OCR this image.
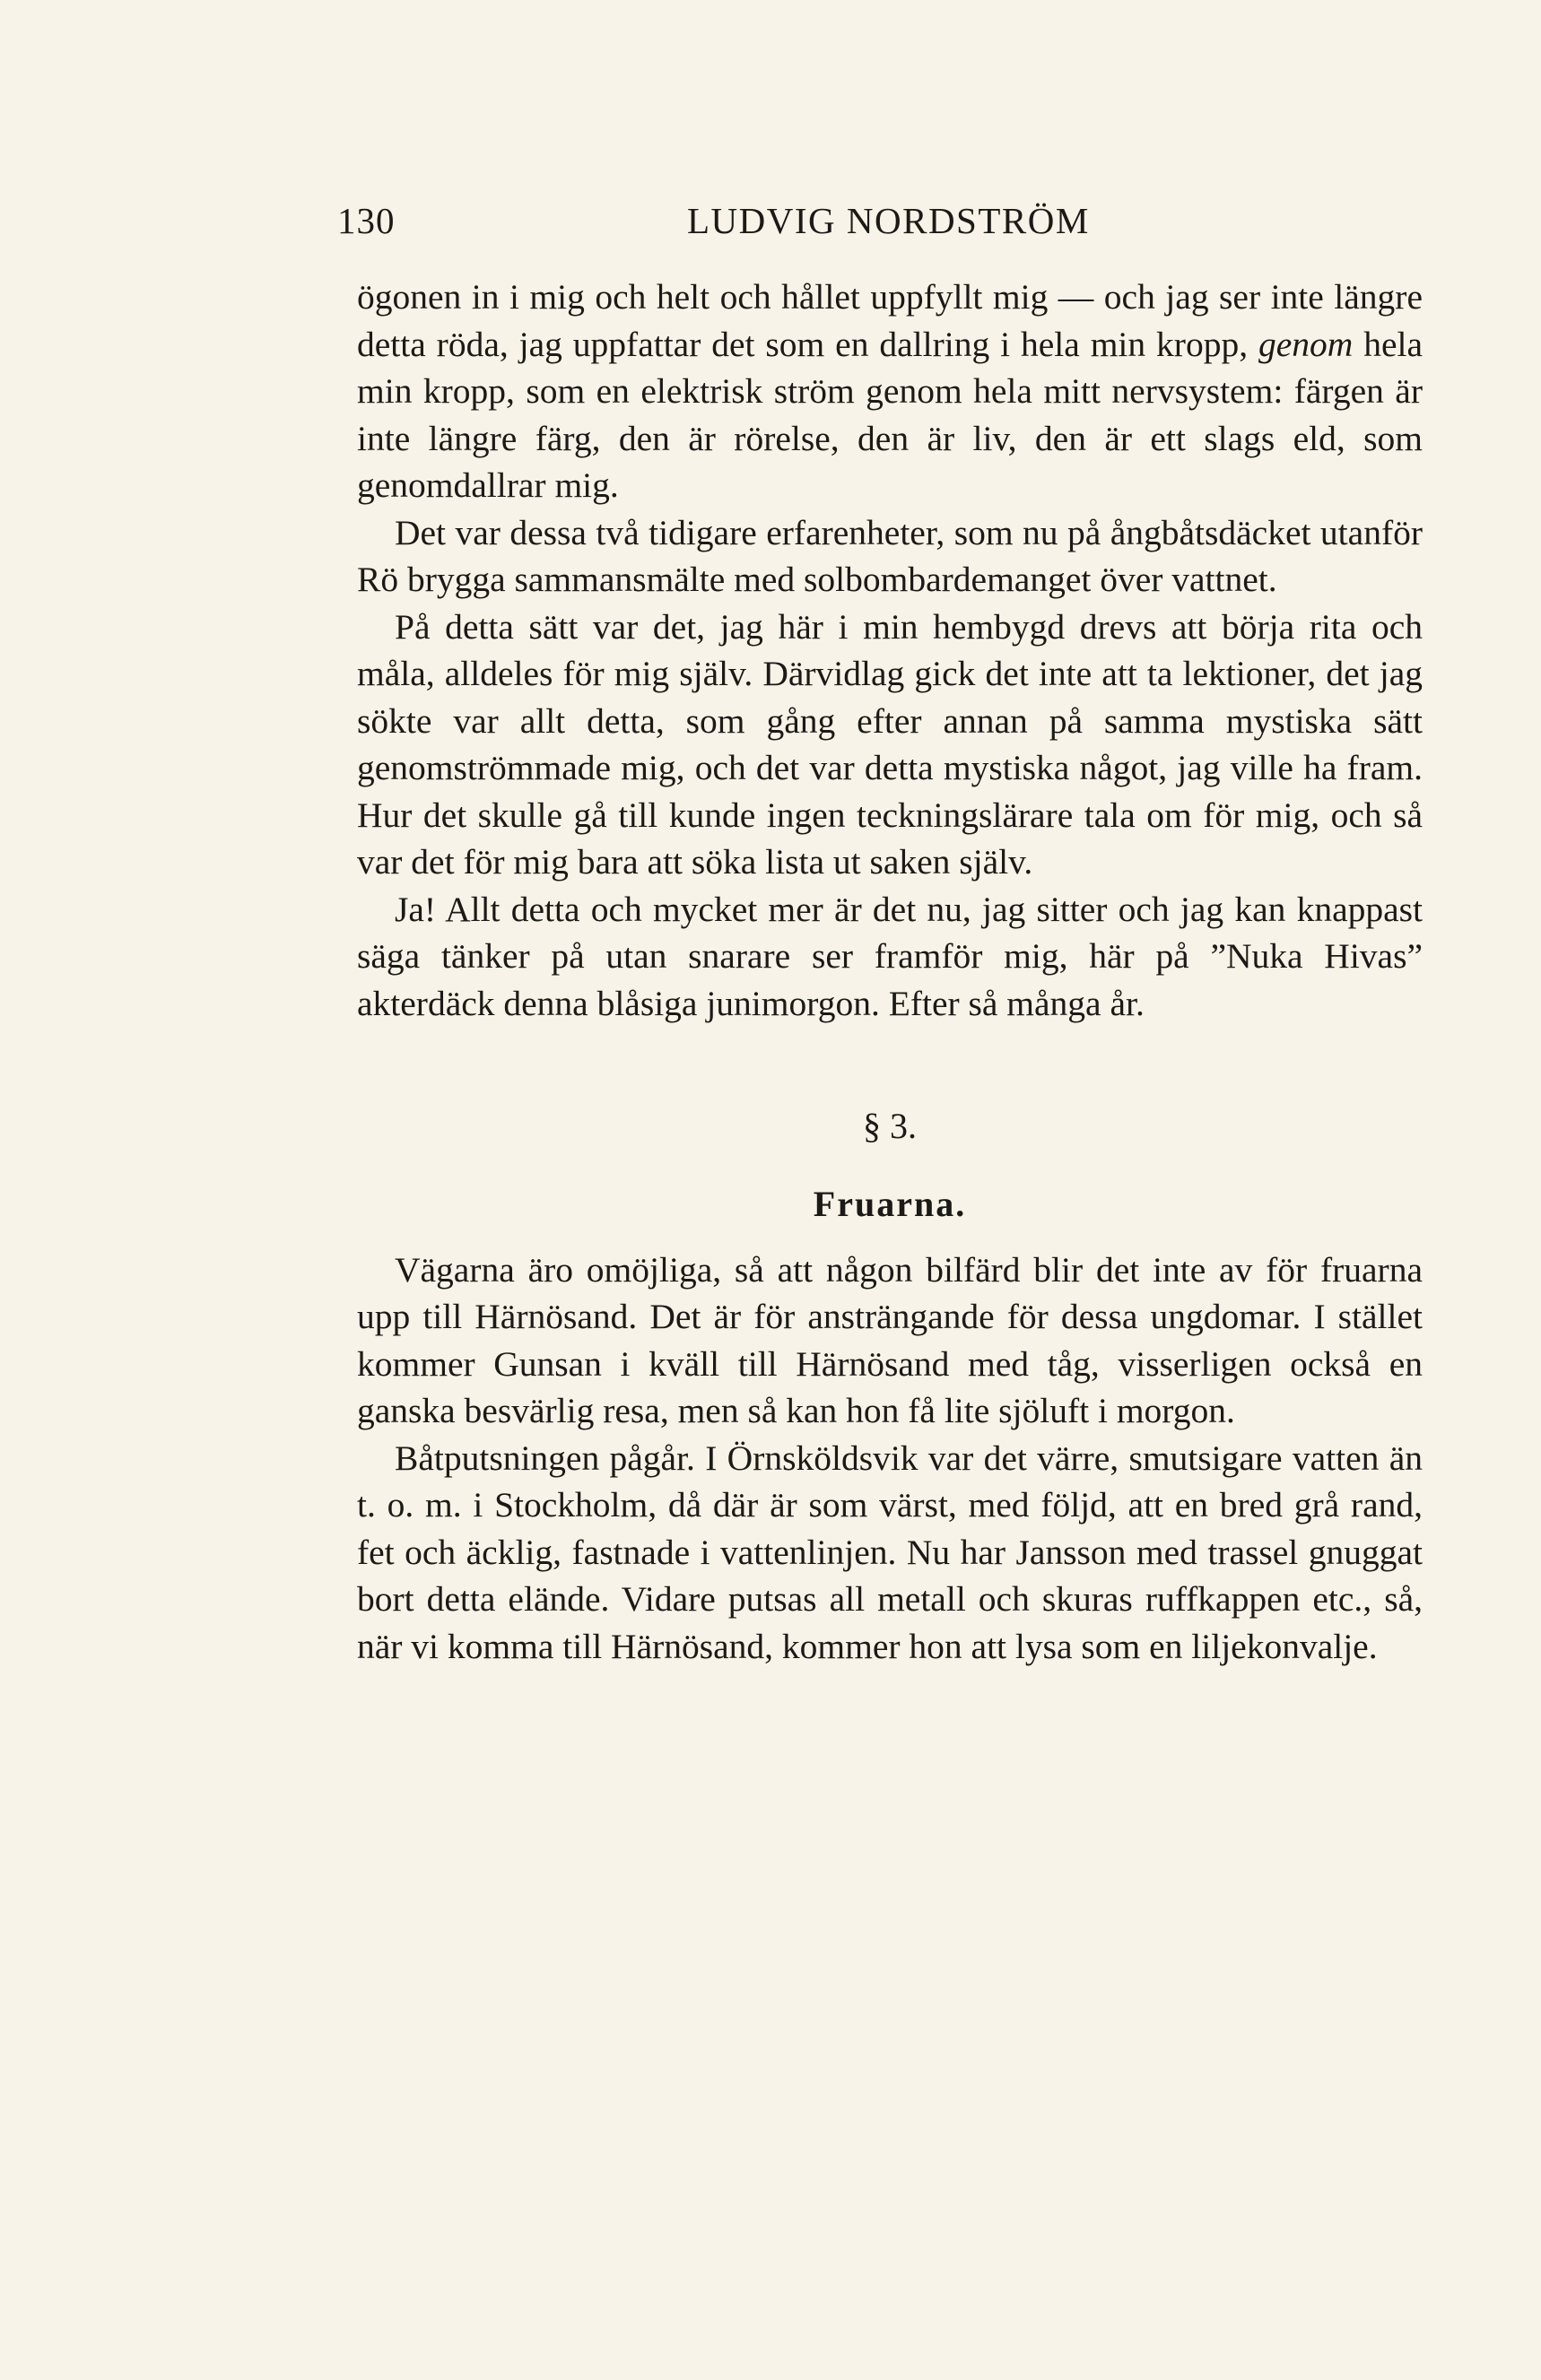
130	LUDVIG NORDSTRÖM

ögonen in i mig och helt och hållet uppfyllt mig — och jag ser inte längre detta röda, jag uppfattar det som en dallring i hela min kropp, genom hela min kropp, som en elektrisk ström genom hela mitt nervsystem: färgen är inte längre färg, den är rörelse, den är liv, den är ett slags eld, som genomdallrar mig.

Det var dessa två tidigare erfarenheter, som nu på ångbåtsdäcket utanför Rö brygga sammansmälte med solbombardemanget över vattnet.

På detta sätt var det, jag här i min hembygd drevs att börja rita och måla, alldeles för mig själv. Därvidlag gick det inte att ta lektioner, det jag sökte var allt detta, som gång efter annan på samma mystiska sätt genomströmmade mig, och det var detta mystiska något, jag ville ha fram. Hur det skulle gå till kunde ingen teckningslärare tala om för mig, och så var det för mig bara att söka lista ut saken själv.

Ja! Allt detta och mycket mer är det nu, jag sitter och jag kan knappast säga tänker på utan snarare ser framför mig, här på ”Nuka Hivas” akterdäck denna blåsiga junimorgon. Efter så många år.

§ 3.
Fruarna.

Vägarna äro omöjliga, så att någon bilfärd blir det inte av för fruarna upp till Härnösand. Det är för ansträngande för dessa ungdomar. I stället kommer Gunsan i kväll till Härnösand med tåg, visserligen också en ganska besvärlig resa, men så kan hon få lite sjöluft i morgon.

Båtputsningen pågår. I Örnsköldsvik var det värre, smutsigare vatten än t. o. m. i Stockholm, då där är som värst, med följd, att en bred grå rand, fet och äcklig, fastnade i vattenlinjen. Nu har Jansson med trassel gnuggat bort detta elände. Vidare putsas all metall och skuras ruffkappen etc., så, när vi komma till Härnösand, kommer hon att lysa som en liljekonvalje.
